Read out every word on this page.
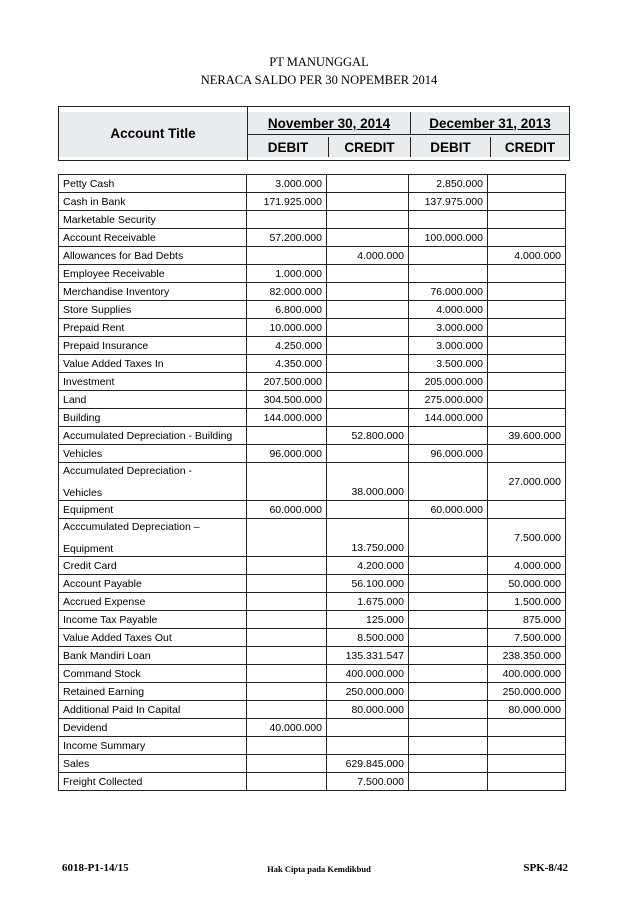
PT MANUNGGAL
NERACA SALDO PER 30 NOPEMBER 2014
Account Title
November 30, 2014	December 31, 2013
DEBIT	CREDIT	DEBIT	CREDIT
Petty Cash	3.000.000		2.850.000	
Cash in Bank	171.925.000		137.975.000	
Marketable Security				
Account Receivable	57.200.000		100.000.000	
Allowances for Bad Debts		4.000.000		4.000.000
Employee Receivable	1.000.000			
Merchandise Inventory	82.000.000		76.000.000	
Store Supplies	6.800.000		4.000.000	
Prepaid Rent	10.000.000		3.000.000	
Prepaid Insurance	4.250.000		3.000.000	
Value Added Taxes In	4.350.000		3.500.000	
Investment	207.500.000		205.000.000	
Land	304.500.000		275.000.000	
Building	144.000.000		144.000.000	
Accumulated Depreciation - Building		52.800.000		39.600.000
Vehicles	96.000.000		96.000.000	

Accumulated Depreciation -
Vehicles		38.000.000		27.000.000
Equipment	60.000.000		60.000.000	

Acccumulated Depreciation –
Equipment		13.750.000		7.500.000
Credit Card		4.200.000		4.000.000
Account Payable		56.100.000		50.000.000
Accrued Expense		1.675.000		1.500.000
Income Tax Payable		125.000		875.000
Value Added Taxes Out		8.500.000		7.500.000
Bank Mandiri Loan		135.331.547		238.350.000
Command Stock		400.000.000		400.000.000
Retained Earning		250.000.000		250.000.000
Additional Paid In Capital		80.000.000		80.000.000
Devidend	40.000.000			
Income Summary				
Sales		629.845.000		
Freight Collected		7.500.000		
6018-P1-14/15	Hak Cipta pada Kemdikbud	SPK-8/42
